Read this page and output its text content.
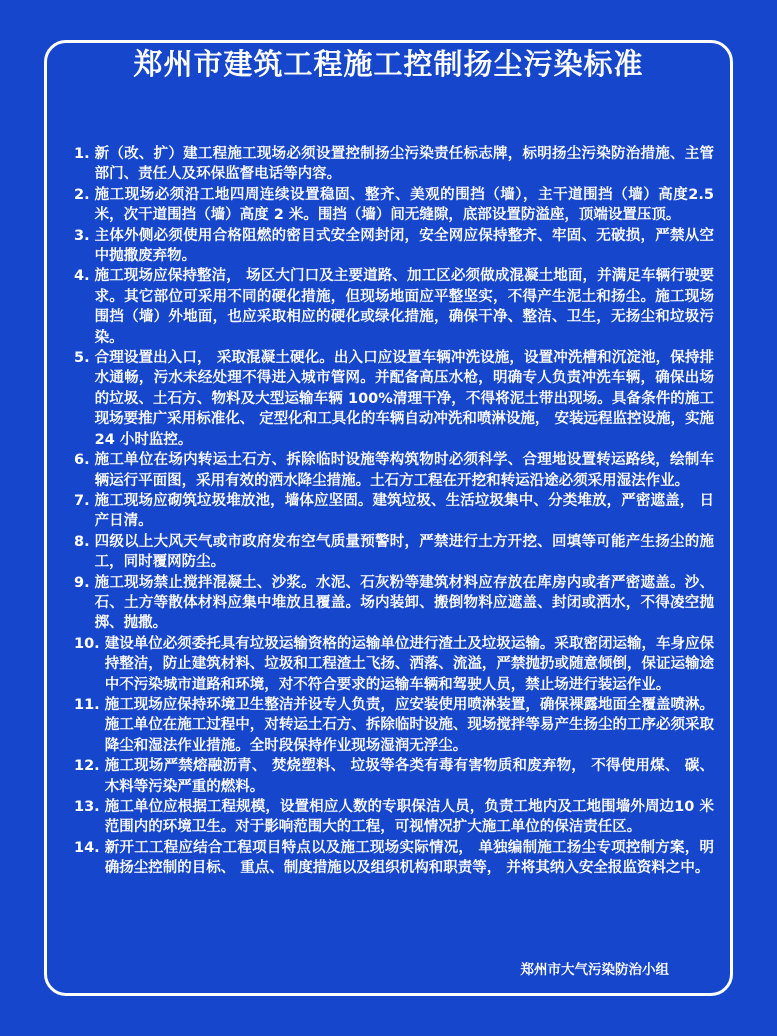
郑州市建筑工程施工控制扬尘污染标准
1. 新（改、扩）建工程施工现场必须设置控制扬尘污染责任标志牌，标明扬尘污染防治措施、主管部门、责任人及环保监督电话等内容。
2. 施工现场必须沿工地四周连续设置稳固、整齐、美观的围挡（墙），主干道围挡（墙）高度2.5米，次干道围挡（墙）高度 2 米。围挡（墙）间无缝隙，底部设置防溢座，顶端设置压顶。
3. 主体外侧必须使用合格阻燃的密目式安全网封闭，安全网应保持整齐、牢固、无破损，严禁从空中抛撒废弃物。
4. 施工现场应保持整洁， 场区大门口及主要道路、加工区必须做成混凝土地面，并满足车辆行驶要求。其它部位可采用不同的硬化措施，但现场地面应平整坚实，不得产生泥土和扬尘。施工现场围挡（墙）外地面，也应采取相应的硬化或绿化措施，确保干净、整洁、卫生，无扬尘和垃圾污染。
5. 合理设置出入口， 采取混凝土硬化。出入口应设置车辆冲洗设施，设置冲洗槽和沉淀池，保持排水通畅，污水未经处理不得进入城市管网。并配备高压水枪，明确专人负责冲洗车辆，确保出场的垃圾、土石方、物料及大型运输车辆 100%清理干净，不得将泥土带出现场。具备条件的施工现场要推广采用标准化、 定型化和工具化的车辆自动冲洗和喷淋设施， 安装远程监控设施，实施 24 小时监控。
6. 施工单位在场内转运土石方、拆除临时设施等构筑物时必须科学、合理地设置转运路线，绘制车辆运行平面图，采用有效的洒水降尘措施。土石方工程在开挖和转运沿途必须采用湿法作业。
7. 施工现场应砌筑垃圾堆放池，墙体应坚固。建筑垃圾、生活垃圾集中、分类堆放，严密遮盖， 日产日清。
8. 四级以上大风天气或市政府发布空气质量预警时，严禁进行土方开挖、回填等可能产生扬尘的施工，同时覆网防尘。
9. 施工现场禁止搅拌混凝土、沙浆。水泥、石灰粉等建筑材料应存放在库房内或者严密遮盖。沙、石、土方等散体材料应集中堆放且覆盖。场内装卸、搬倒物料应遮盖、封闭或洒水，不得凌空抛掷、抛撒。
10. 建设单位必须委托具有垃圾运输资格的运输单位进行渣土及垃圾运输。采取密闭运输，车身应保持整洁，防止建筑材料、垃圾和工程渣土飞扬、洒落、流溢，严禁抛扔或随意倾倒，保证运输途中不污染城市道路和环境，对不符合要求的运输车辆和驾驶人员，禁止场进行装运作业。
11. 施工现场应保持环境卫生整洁并设专人负责，应安装使用喷淋装置，确保裸露地面全覆盖喷淋。施工单位在施工过程中，对转运土石方、拆除临时设施、现场搅拌等易产生扬尘的工序必须采取降尘和湿法作业措施。全时段保持作业现场湿润无浮尘。
12. 施工现场严禁熔融沥青、 焚烧塑料、 垃圾等各类有毒有害物质和废弃物， 不得使用煤、 碳、木料等污染严重的燃料。
13. 施工单位应根据工程规模，设置相应人数的专职保洁人员，负责工地内及工地围墙外周边10 米范围内的环境卫生。对于影响范围大的工程，可视情况扩大施工单位的保洁责任区。
14. 新开工工程应结合工程项目特点以及施工现场实际情况， 单独编制施工扬尘专项控制方案，明确扬尘控制的目标、 重点、制度措施以及组织机构和职责等， 并将其纳入安全报监资料之中。

郑州市大气污染防治小组
